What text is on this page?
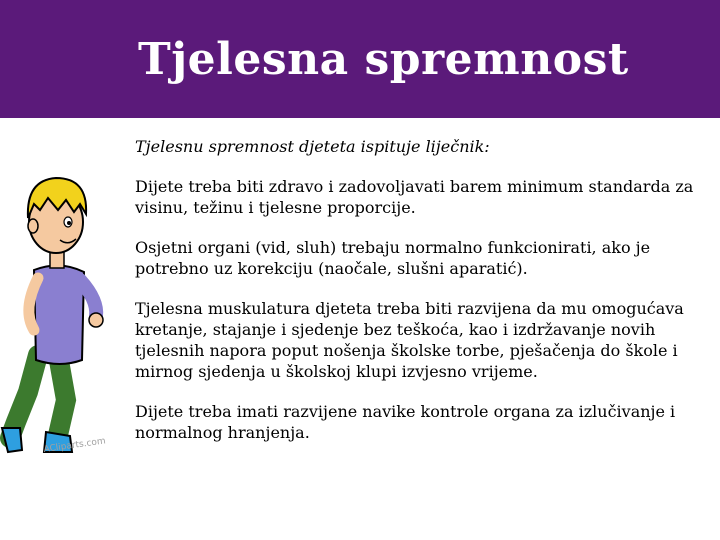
Tjelesna spremnost
ACliparts.com

Tjelesnu spremnost djeteta ispituje liječnik:

Dijete treba biti zdravo i zadovoljavati barem minimum standarda za visinu, težinu i tjelesne proporcije.

Osjetni organi (vid, sluh) trebaju normalno funkcionirati, ako je potrebno uz korekciju (naočale, slušni aparatić).

Tjelesna muskulatura djeteta treba biti razvijena da mu omogućava kretanje, stajanje i sjedenje bez teškoća, kao i izdržavanje novih tjelesnih napora poput nošenja školske torbe, pješačenja do škole i mirnog sjedenja u školskoj klupi izvjesno vrijeme.

Dijete treba imati razvijene navike kontrole organa za izlučivanje i normalnog hranjenja.
